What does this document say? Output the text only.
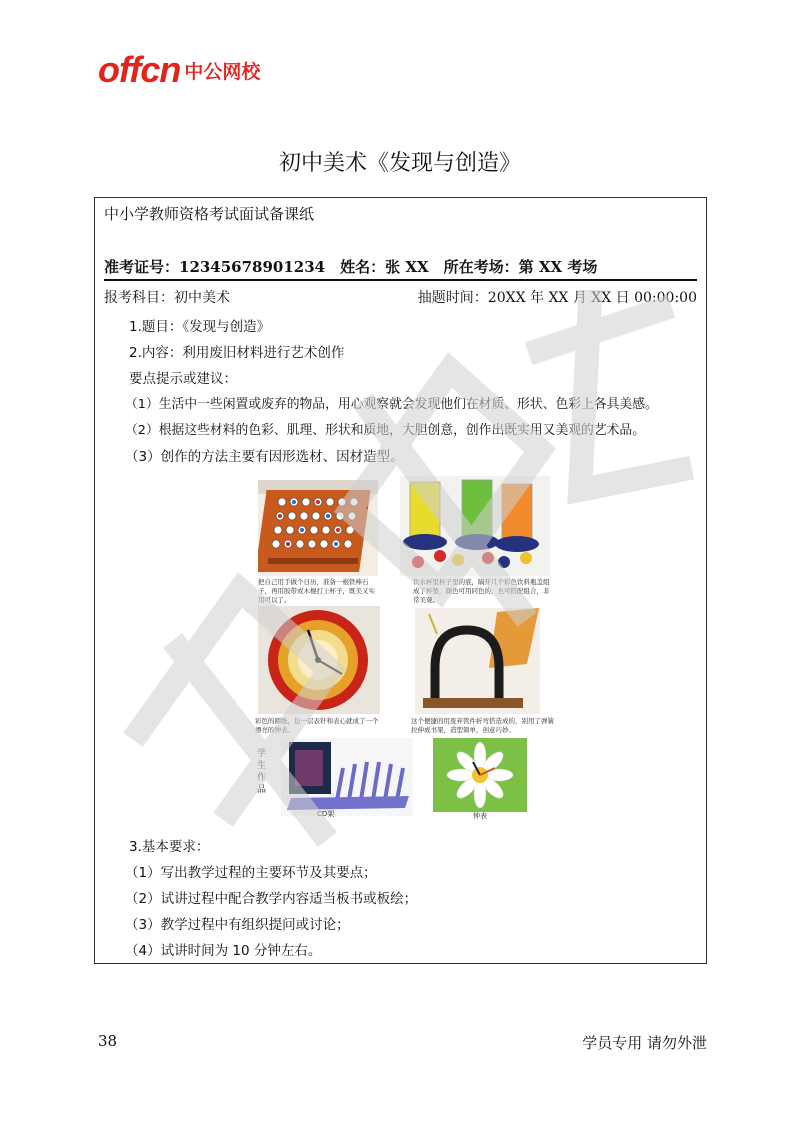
offcn 中公网校
初中美术《发现与创造》
中小学教师资格考试面试备课纸
准考证号：12345678901234　姓名：张 XX　所在考场：第 XX 考场
报考科目：初中美术	抽题时间：20XX 年 XX 月 XX 日 00:00:00
1.题目：《发现与创造》
2.内容：利用废旧材料进行艺术创作
要点提示或建议：
（1）生活中一些闲置或废弃的物品，用心观察就会发现他们在材质、形状、色彩上各具美感。
（2）根据这些材料的色彩、肌理、形状和质地，大胆创意，创作出既实用又美观的艺术品。
（3）创作的方法主要有因形选材、因材造型。
把自己用手做个日历，准备一根铁棒石子，再用胶带或木棍打上杯子，既美又实用可以了。
饮水杯里杯子里的底，隔开几个彩色饮料瓶盖组成了杯垫，颜色可用同色的，也可搭配组合，非常美观。
彩色的圆纸，包一层表针和表心就成了一个漂亮的钟表。
这个便捷的用废弃管件折弯搭造成的，别用了弹簧拉伸成书架，造型简单，创意巧妙。
学生作品
CD架	钟表
3.基本要求：
（1）写出教学过程的主要环节及其要点；
（2）试讲过程中配合教学内容适当板书或板绘；
（3）教学过程中有组织提问或讨论；
（4）试讲时间为 10 分钟左右。
38	学员专用 请勿外泄
